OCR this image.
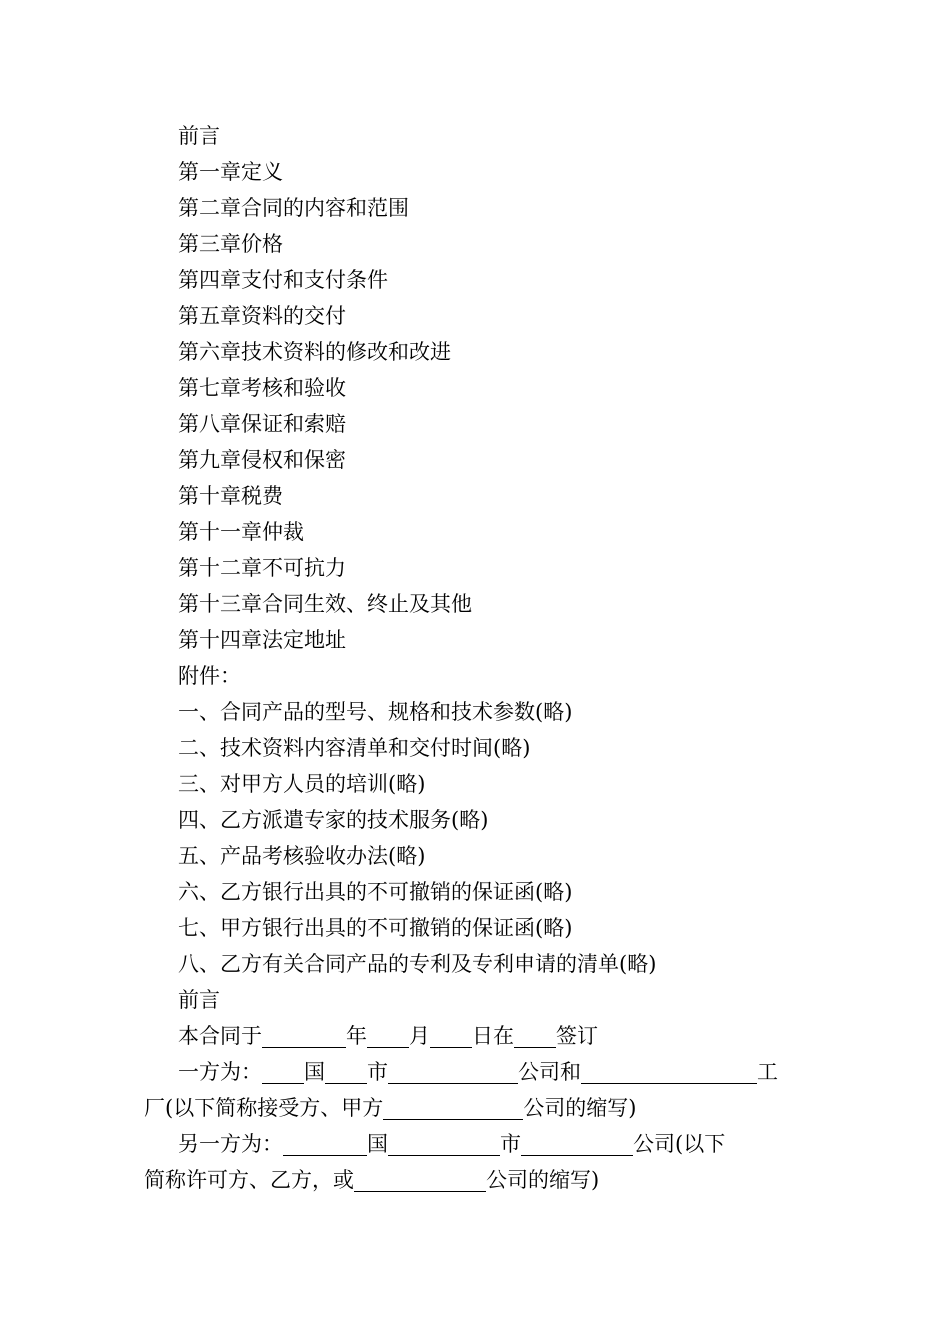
前言
第一章定义
第二章合同的内容和范围
第三章价格
第四章支付和支付条件
第五章资料的交付
第六章技术资料的修改和改进
第七章考核和验收
第八章保证和索赔
第九章侵权和保密
第十章税费
第十一章仲裁
第十二章不可抗力
第十三章合同生效、终止及其他
第十四章法定地址
附件：
一、合同产品的型号、规格和技术参数(略)
二、技术资料内容清单和交付时间(略)
三、对甲方人员的培训(略)
四、乙方派遣专家的技术服务(略)
五、产品考核验收办法(略)
六、乙方银行出具的不可撤销的保证函(略)
七、甲方银行出具的不可撤销的保证函(略)
八、乙方有关合同产品的专利及专利申请的清单(略)
前言
本合同于	年 月 日在 签订
一方为： 国 市	公司和	工
厂(以下简称接受方、甲方	公司的缩写)
另一方为：	国	市	公司(以下
简称许可方、乙方，或	公司的缩写)
